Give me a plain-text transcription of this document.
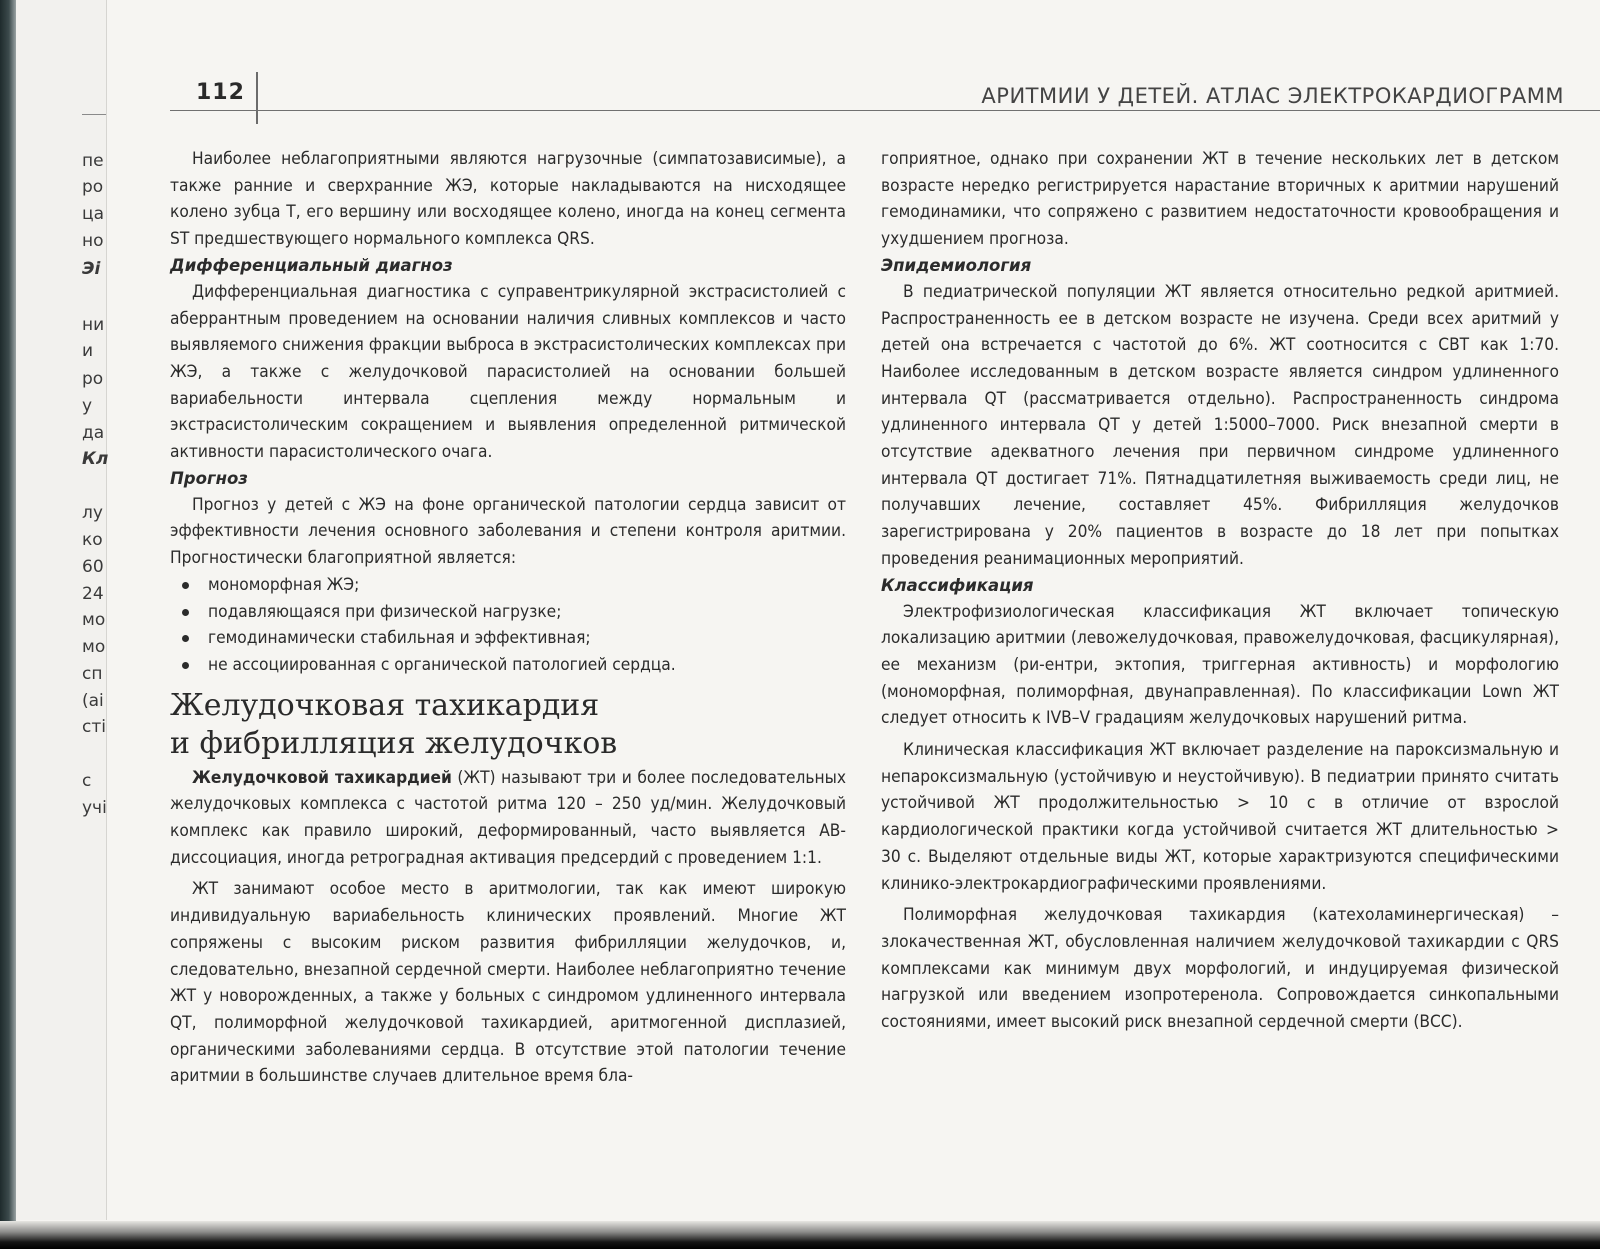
пе
ро
ца
но
Эі
ни
и
ро
у
да
Кл
лу
ко
60
24
мо
мо
сп
(аі
сті
с
учі
112	АРИТМИИ У ДЕТЕЙ. АТЛАС ЭЛЕКТРОКАРДИОГРАММ

Наиболее неблагоприятными являются нагрузочные (симпатозависимые), а также ранние и сверхранние ЖЭ, которые накладываются на нисходящее колено зубца Т, его вершину или восходящее колено, иногда на конец сегмента ST предшествующего нормального комплекса QRS.

Дифференциальный диагноз

Дифференциальная диагностика с суправентрикулярной экстрасистолией с аберрантным проведением на основании наличия сливных комплексов и часто выявляемого снижения фракции выброса в экстрасистолических комплексах при ЖЭ, а также с желудочковой парасистолией на основании большей вариабельности интервала сцепления между нормальным и экстрасистолическим сокращением и выявления определенной ритмической активности парасистолического очага.

Прогноз

Прогноз у детей с ЖЭ на фоне органической патологии сердца зависит от эффективности лечения основного заболевания и степени контроля аритмии. Прогностически благоприятной является:

мономорфная ЖЭ;
подавляющаяся при физической нагрузке;
гемодинамически стабильная и эффективная;
не ассоциированная с органической патологией сердца.
Желудочковая тахикардия
и фибрилляция желудочков

Желудочковой тахикардией (ЖТ) называют три и более последовательных желудочковых комплекса с частотой ритма 120 – 250 уд/мин. Желудочковый комплекс как правило широкий, деформированный, часто выявляется АВ-диссоциация, иногда ретроградная активация предсердий с проведением 1:1.

ЖТ занимают особое место в аритмологии, так как имеют широкую индивидуальную вариабельность клинических проявлений. Многие ЖТ сопряжены с высоким риском развития фибрилляции желудочков, и, следовательно, внезапной сердечной смерти. Наиболее неблагоприятно течение ЖТ у новорожденных, а также у больных с синдромом удлиненного интервала QT, полиморфной желудочковой тахикардией, аритмогенной дисплазией, органическими заболеваниями сердца. В отсутствие этой патологии течение аритмии в большинстве случаев длительное время бла-

гоприятное, однако при сохранении ЖТ в течение нескольких лет в детском возрасте нередко регистрируется нарастание вторичных к аритмии нарушений гемодинамики, что сопряжено с развитием недостаточности кровообращения и ухудшением прогноза.

Эпидемиология

В педиатрической популяции ЖТ является относительно редкой аритмией. Распространенность ее в детском возрасте не изучена. Среди всех аритмий у детей она встречается с частотой до 6%. ЖТ соотносится с СВТ как 1:70. Наиболее исследованным в детском возрасте является синдром удлиненного интервала QT (рассматривается отдельно). Распространенность синдрома удлиненного интервала QT у детей 1:5000–7000. Риск внезапной смерти в отсутствие адекватного лечения при первичном синдроме удлиненного интервала QT достигает 71%. Пятнадцатилетняя выживаемость среди лиц, не получавших лечение, составляет 45%. Фибрилляция желудочков зарегистрирована у 20% пациентов в возрасте до 18 лет при попытках проведения реанимационных мероприятий.

Классификация

Электрофизиологическая классификация ЖТ включает топическую локализацию аритмии (левожелудочковая, правожелудочковая, фасцикулярная), ее механизм (ри-ентри, эктопия, триггерная активность) и морфологию (мономорфная, полиморфная, двунаправленная). По классификации Lown ЖТ следует относить к IVB–V градациям желудочковых нарушений ритма.

Клиническая классификация ЖТ включает разделение на пароксизмальную и непароксизмальную (устойчивую и неустойчивую). В педиатрии принято считать устойчивой ЖТ продолжительностью > 10 с в отличие от взрослой кардиологической практики когда устойчивой считается ЖТ длительностью > 30 с. Выделяют отдельные виды ЖТ, которые характризуются специфическими клинико-электрокардиографическими проявлениями.

Полиморфная желудочковая тахикардия (катехоламинергическая) – злокачественная ЖТ, обусловленная наличием желудочковой тахикардии с QRS комплексами как минимум двух морфологий, и индуцируемая физической нагрузкой или введением изопротеренола. Сопровождается синкопальными состояниями, имеет высокий риск внезапной сердечной смерти (ВСС).
